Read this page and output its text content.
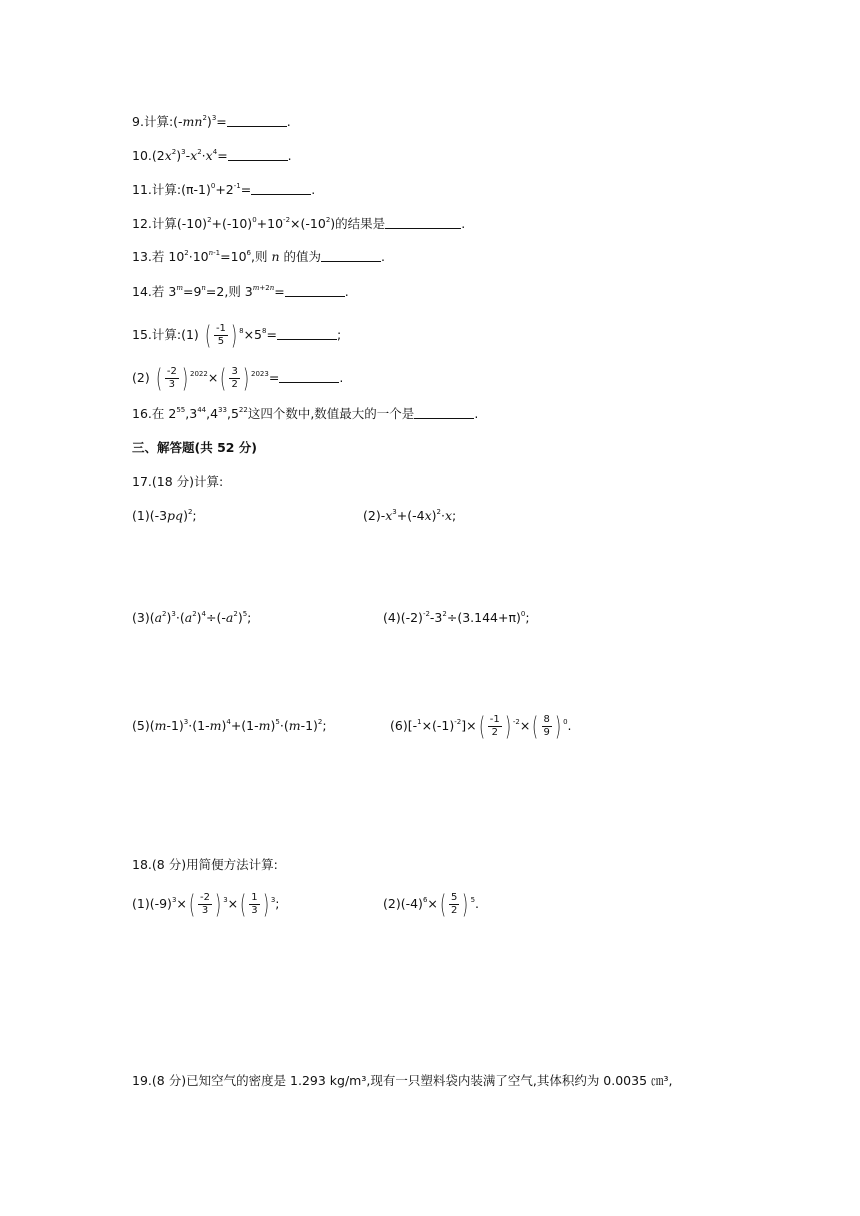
9.计算$:(-mn^2)^3=$	.
$10.(2x^2)^3-x^2\cdot x^4=$	.
11.计算$:(\pi-1)^0+2^{-1}=$	.
12.计算$(-10)^2+(-10)^0+10^{-2}\times(-10^2)$的结果是	.
13.若 $10^2\cdot 10^{n-1}=10^6$,则 n 的值为	.
14.若 $3^m=9^n=2$,则 $3^{m+2n}=$	.
15.计算:(1) ( $\frac{-1}{5}$ ) $^8\times 5^8=$	;
(2) ( $\frac{-2}{3}$ ) $^{2022}$× ( $\frac{3}{2}$ ) $^{2023}$=	.
16.在 $2^{55},3^{44},4^{33},5^{22}$这四个数中,数值最大的一个是	.
三、解答题(共 52 分)
17.(18 分)计算:
$(1)(-3pq)^2$;	$(2)-x^3+(-4x)^2\cdot x$;
$(3)(a^2)^3\cdot(a^2)^4\div(-a^2)^5$;	$(4)(-2)^{-2}-3^2\div(3.144+\pi)^0$;
$(5)(m-1)^3\cdot(1-m)^4+(1-m)^5\cdot(m-1)^2$;	$(6)[-^1\times(-1)^{-2}]\times$ ( $\frac{-1}{2}$ ) $^{-2}$× ( $\frac{8}{9}$ ) $^0$.
18.(8 分)用简便方法计算:
$(1)(-9)^3\times$ ( $\frac{-2}{3}$ ) $^3$× ( $\frac{1}{3}$ ) $^3$;	$(2)(-4)^6\times$ ( $\frac{5}{2}$ ) $^5$.
19.(8 分)已知空气的密度是 1.293 kg/m³,现有一只塑料袋内装满了空气,其体积约为 0.0035 ㎝³,
